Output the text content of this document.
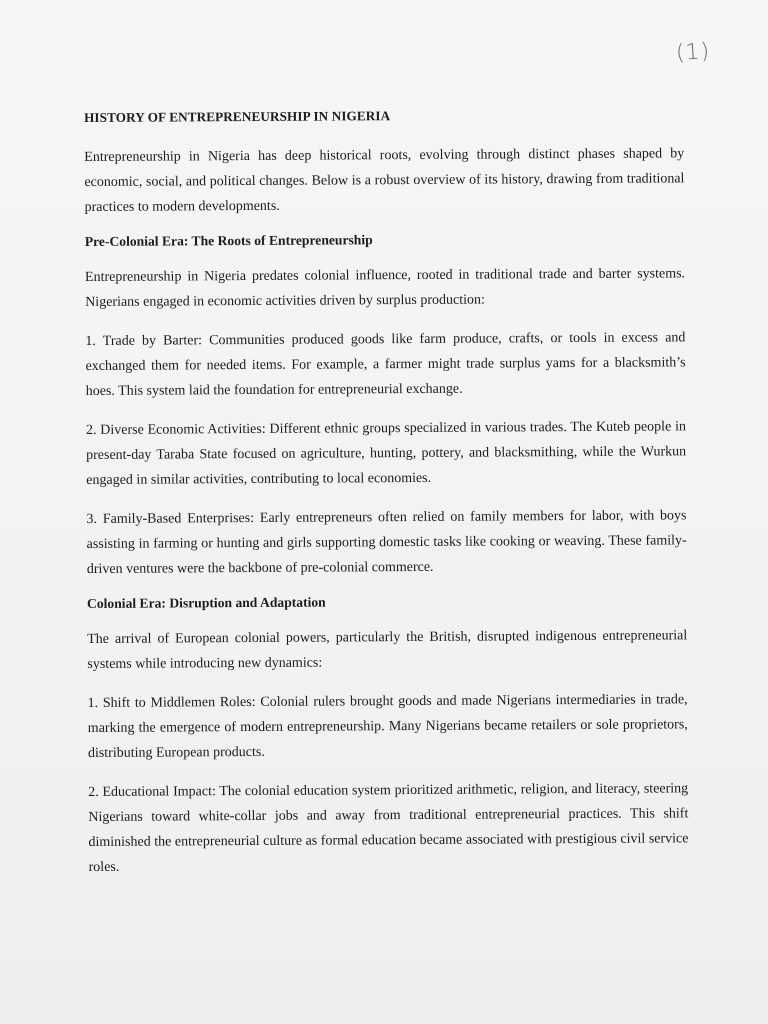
(1)
HISTORY OF ENTREPRENEURSHIP IN NIGERIA

Entrepreneurship in Nigeria has deep historical roots, evolving through distinct phases shaped by economic, social, and political changes. Below is a robust overview of its history, drawing from traditional practices to modern developments.

Pre-Colonial Era: The Roots of Entrepreneurship

Entrepreneurship in Nigeria predates colonial influence, rooted in traditional trade and barter systems. Nigerians engaged in economic activities driven by surplus production:

1. Trade by Barter: Communities produced goods like farm produce, crafts, or tools in excess and exchanged them for needed items. For example, a farmer might trade surplus yams for a blacksmith’s hoes. This system laid the foundation for entrepreneurial exchange.

2. Diverse Economic Activities: Different ethnic groups specialized in various trades. The Kuteb people in present-day Taraba State focused on agriculture, hunting, pottery, and blacksmithing, while the Wurkun engaged in similar activities, contributing to local economies.

3. Family-Based Enterprises: Early entrepreneurs often relied on family members for labor, with boys assisting in farming or hunting and girls supporting domestic tasks like cooking or weaving. These family-driven ventures were the backbone of pre-colonial commerce.

Colonial Era: Disruption and Adaptation

The arrival of European colonial powers, particularly the British, disrupted indigenous entrepreneurial systems while introducing new dynamics:

1. Shift to Middlemen Roles: Colonial rulers brought goods and made Nigerians intermediaries in trade, marking the emergence of modern entrepreneurship. Many Nigerians became retailers or sole proprietors, distributing European products.

2. Educational Impact: The colonial education system prioritized arithmetic, religion, and literacy, steering Nigerians toward white-collar jobs and away from traditional entrepreneurial practices. This shift diminished the entrepreneurial culture as formal education became associated with prestigious civil service roles.
